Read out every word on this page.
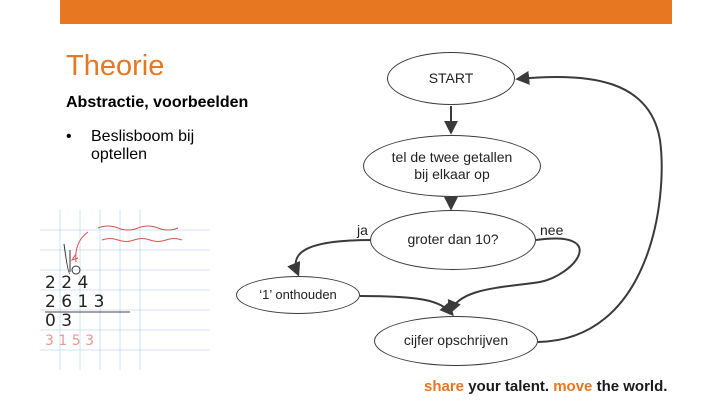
Theorie
Abstractie, voorbeelden
• Beslisboom bij optellen
2 2 4
2 6 1 3
0 3
3 1 5 3
START
tel de twee getallen bij elkaar op
groter dan 10?
‘1’ onthouden
cijfer opschrijven
ja	nee
share your talent. move the world.
